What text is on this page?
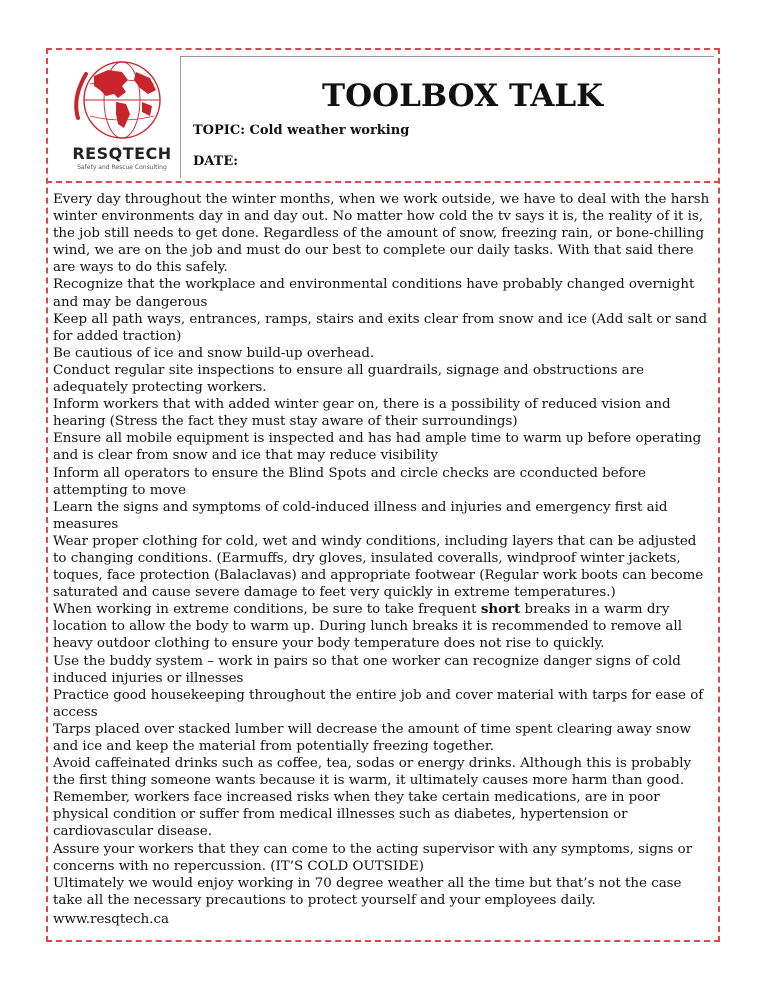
RESQTECH
Safety and Rescue Consulting
TOOLBOX TALK
TOPIC: Cold weather working
DATE:

Every day throughout the winter months, when we work outside, we have to deal with the harsh winter environments day in and day out. No matter how cold the tv says it is, the reality of it is, the job still needs to get done. Regardless of the amount of snow, freezing rain, or bone-chilling wind, we are on the job and must do our best to complete our daily tasks. With that said there are ways to do this safely.

Recognize that the workplace and environmental conditions have probably changed overnight and may be dangerous

Keep all path ways, entrances, ramps, stairs and exits clear from snow and ice (Add salt or sand for added traction)

Be cautious of ice and snow build-up overhead.

Conduct regular site inspections to ensure all guardrails, signage and obstructions are adequately protecting workers.

Inform workers that with added winter gear on, there is a possibility of reduced vision and hearing (Stress the fact they must stay aware of their surroundings)

Ensure all mobile equipment is inspected and has had ample time to warm up before operating and is clear from snow and ice that may reduce visibility

Inform all operators to ensure the Blind Spots and circle checks are cconducted before attempting to move

Learn the signs and symptoms of cold-induced illness and injuries and emergency first aid measures

Wear proper clothing for cold, wet and windy conditions, including layers that can be adjusted to changing conditions. (Earmuffs, dry gloves, insulated coveralls, windproof winter jackets, toques, face protection (Balaclavas) and appropriate footwear (Regular work boots can become saturated and cause severe damage to feet very quickly in extreme temperatures.)

When working in extreme conditions, be sure to take frequent short breaks in a warm dry location to allow the body to warm up. During lunch breaks it is recommended to remove all heavy outdoor clothing to ensure your body temperature does not rise to quickly.

Use the buddy system – work in pairs so that one worker can recognize danger signs of cold induced injuries or illnesses

Practice good housekeeping throughout the entire job and cover material with tarps for ease of access

Tarps placed over stacked lumber will decrease the amount of time spent clearing away snow and ice and keep the material from potentially freezing together.

Avoid caffeinated drinks such as coffee, tea, sodas or energy drinks. Although this is probably the first thing someone wants because it is warm, it ultimately causes more harm than good.

Remember, workers face increased risks when they take certain medications, are in poor physical condition or suffer from medical illnesses such as diabetes, hypertension or cardiovascular disease.

Assure your workers that they can come to the acting supervisor with any symptoms, signs or concerns with no repercussion. (IT’S COLD OUTSIDE)

Ultimately we would enjoy working in 70 degree weather all the time but that’s not the case take all the necessary precautions to protect yourself and your employees daily.

www.resqtech.ca
